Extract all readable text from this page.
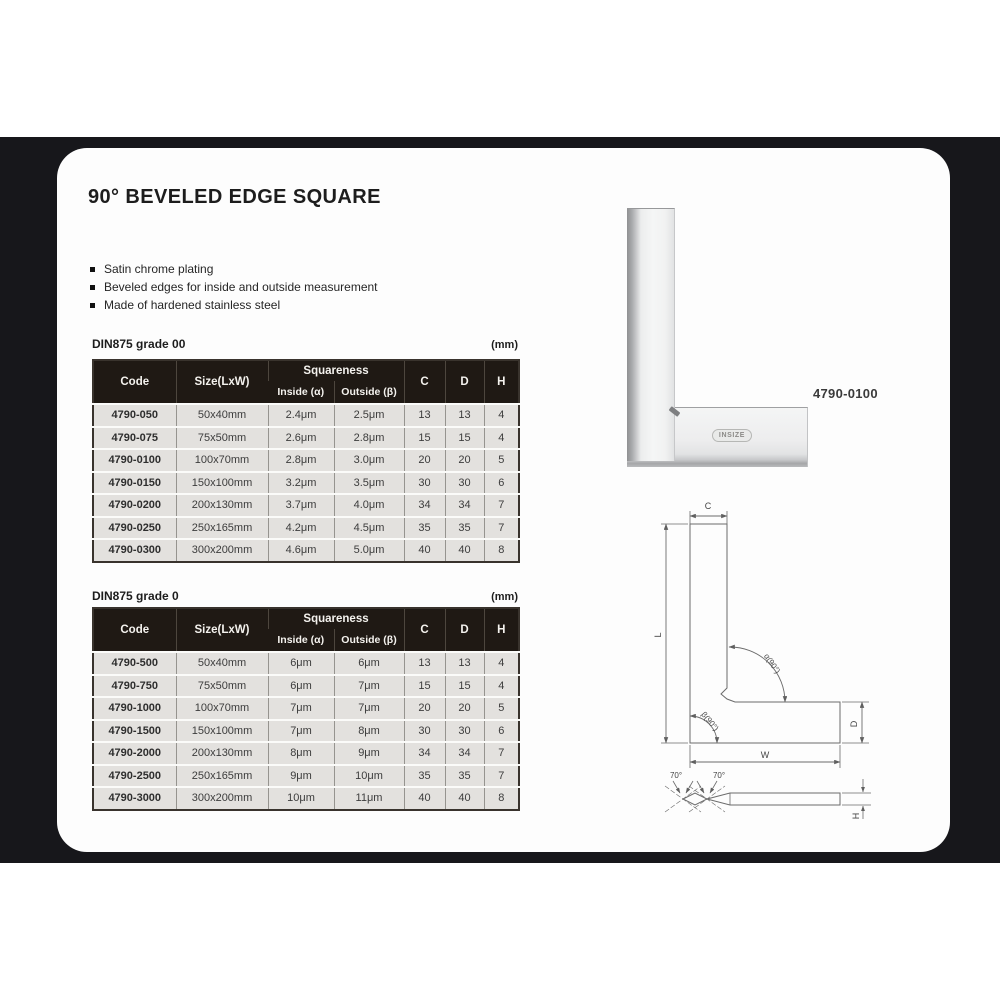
90° BEVELED EDGE SQUARE
Satin chrome plating
Beveled edges for inside and outside measurement
Made of hardened stainless steel
DIN875 grade 00	(mm)
Code	Size(LxW)	Squareness		C	D	H
		Inside (α)	Outside (β)			
4790-050	50x40mm	2.4μm	2.5μm	13	13	4
4790-075	75x50mm	2.6μm	2.8μm	15	15	4
4790-0100	100x70mm	2.8μm	3.0μm	20	20	5
4790-0150	150x100mm	3.2μm	3.5μm	30	30	6
4790-0200	200x130mm	3.7μm	4.0μm	34	34	7
4790-0250	250x165mm	4.2μm	4.5μm	35	35	7
4790-0300	300x200mm	4.6μm	5.0μm	40	40	8
DIN875 grade 0	(mm)
Code	Size(LxW)	Squareness		C	D	H
		Inside (α)	Outside (β)			
4790-500	50x40mm	6μm	6μm	13	13	4
4790-750	75x50mm	6μm	7μm	15	15	4
4790-1000	100x70mm	7μm	7μm	20	20	5
4790-1500	150x100mm	7μm	8μm	30	30	6
4790-2000	200x130mm	8μm	9μm	34	34	7
4790-2500	250x165mm	9μm	10μm	35	35	7
4790-3000	300x200mm	10μm	11μm	40	40	8
INSIZE
4790-0100
C
L
W
D
H
α(90°)
β(90°)
70°	70°
